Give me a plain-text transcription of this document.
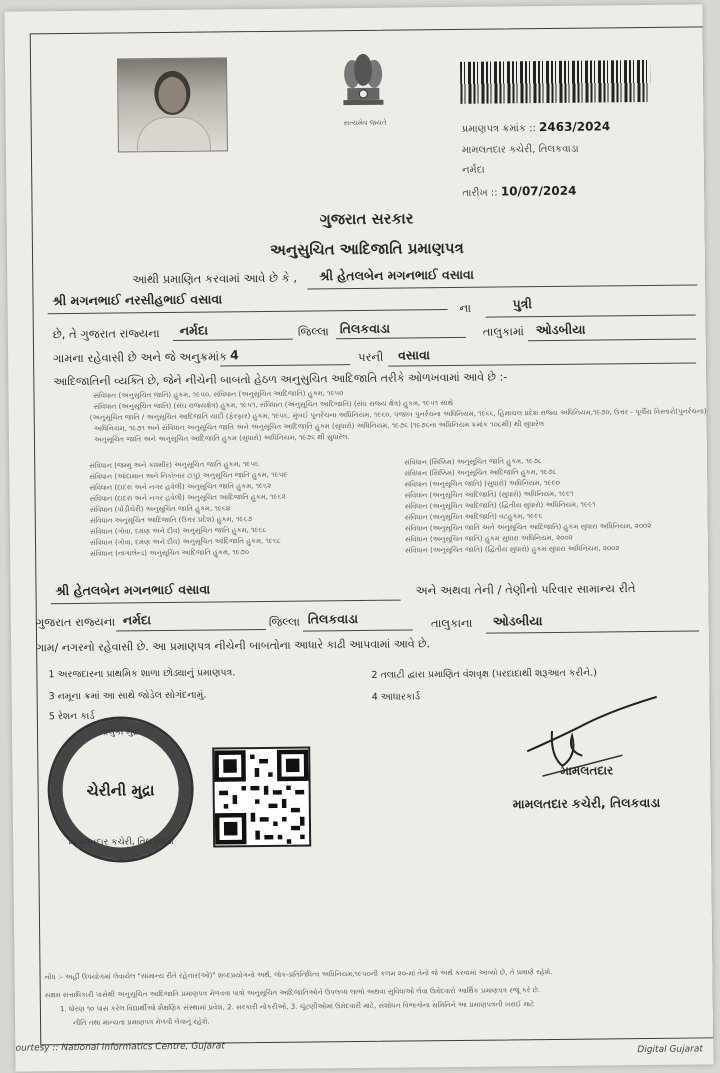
સત્યમેવ જયતે
પ્રમાણપત્ર ક્રમાંક :: 2463/2024
મામલતદાર કચેરી, તિલકવાડા
નર્મદા
તારીખ :: 10/07/2024
ગુજરાત સરકાર
અનુસુચિત આદિજાતિ પ્રમાણપત્ર
આથી પ્રમાણિત કરવામાં આવે છે કે , શ્રી હેતલબેન મગનભાઈ વસાવા
શ્રી મગનભાઈ નરસીહભાઈ વસાવા	ના	પુત્રી
છે, તે ગુજરાત રાજ્યના નર્મદા	જિલ્લા તિલકવાડા	તાલુકામાં ઓડબીયા
ગામના રહેવાસી છે અને જે અનુક્રમાંક 4	પરની વસાવા
આદિજાતિની વ્યક્તિ છે, જેને નીચેની બાબતો હેઠળ અનુસુચિત આદિજાતિ તરીકે ઓળખવામાં આવે છે :-
સંવિધાન (અનુસૂચિત જાતિ) હુકમ, ૧૯૫૦, સંવિધાન (અનુસૂચિત આદિજાતિ) હુકમ, ૧૯૫૦
સંવિધાન (અનુસૂચિત જાતિ) (સંઘ રાજ્યક્ષેત્ર) હુકમ, ૧૯૫૧, સંવિધાન (અનુસૂચિત આદિજાતિ) (સંઘ રાજ્ય ક્ષેત્ર) હુકમ, ૧૯૫૧ સાથે
(અનુસૂચિત જાતિ / અનુસૂચિત આદિજાતિ યાદી (ફેરફાર) હુકમ, ૧૯૫૬, મુંબઈ પુનર્રચના અધિનિયમ, ૧૯૬૦, પંજાબ પુનર્રચના અધિનિયમ, ૧૯૬૬, હિમાચલ પ્રદેશ રાજ્ય અધિનિયમ,૧૯૭૦, ઉત્તર - પૂર્વીય વિસ્તારો(પુનર્રચના)
અધિનિયમ, ૧૯૭૧ અને સંવિધાન અનુસૂચિત જાતિ અને અનુસૂચિત આદિજાતિ હુકમ (સુધારો) અધિનિયમ, ૧૯૭૬ (૧૯૭૬ના અધિનિયમ ક્રમાંક ૧૦૮થી) થી સુધારેલ
અનુસૂચિત જાતિ અને અનુસૂચિત આદિજાતિ હુકમ (સુધારો) અધિનિયમ, ૧૯૭૬ થી સુધારેલ.
સંવિધાન (જમ્મુ અને કાશ્મીર) અનુસૂચિત જાતિ હુકમ, ૧૯૫૬
સંવિધાન (આંદામાન અને નિકોબાર ટાપુ) અનુસૂચિત જાતિ હુકમ, ૧૯૫૯
સંવિધાન (દાદરા અને નગર હવેલી) અનુસૂચિત જાતિ હુકમ, ૧૯૬૨
સંવિધાન (દાદરા અને નગર હવેલી) અનુસૂચિત આદિજાતિ હુકમ, ૧૯૬૨
સંવિધાન (પોંડીચેરી) અનુસૂચિત જાતિ હુકમ, ૧૯૬૪
સંવિધાન અનુસૂચિત આદિજાતિ (ઉત્તર પ્રદેશ) હુકમ, ૧૯૬૭
સંવિધાન (ગોવા, દમણ અને દીવ) અનુસૂચિત જાતિ હુકમ, ૧૯૬૮
સંવિધાન (ગોવા, દમણ અને દીવ) અનુસૂચિત આદિજાતિ હુકમ, ૧૯૬૮
સંવિધાન (નાગાલેન્ડ) અનુસૂચિત આદિજાતિ હુકમ, ૧૯૭૦
સંવિધાન (સિક્કિમ) અનુસૂચિત જાતિ હુકમ, ૧૯૭૮
સંવિધાન (સિક્કિમ) અનુસૂચિત આદિજાતિ હુકમ, ૧૯૭૮
સંવિધાન (અનુસૂચિત જાતિ) (સુધારો) અધિનિયમ, ૧૯૯૦
સંવિધાન (અનુસૂચિત આદિજાતિ) (સુધારો) અધિનિયમ, ૧૯૯૧
સંવિધાન (અનુસૂચિત આદિજાતિ) (દ્વિતીય સુધારો) અધિનિયમ, ૧૯૯૧
સંવિધાન (અનુસૂચિત આદિજાતિ) વટહુકમ, ૧૯૯૬
સંવિધાન (અનુસૂચિત જાતિ અને અનુસૂચિત આદિજાતિ) હુકમ સુધારા અધિનિયમ, ૨૦૦૨
સંવિધાન (અનુસૂચિત જાતિ) હુકમ સુધારા અધિનિયમ, ૨૦૦૨
સંવિધાન (અનુસૂચિત જાતિ) (દ્વિતીય સુધારો) હુકમ સુધારા અધિનિયમ, ૨૦૦૨
શ્રી હેતલબેન મગનભાઈ વસાવા	અને અથવા તેની / તેણીનો પરિવાર સામાન્ય રીતે
ગુજરાત રાજ્યના નર્મદા	જિલ્લા તિલકવાડા	તાલુકાના ઓડબીયા
ગામ/ નગરનો રહેવાસી છે. આ પ્રમાણપત્ર નીચેની બાબતોના આધારે કાઢી આપવામાં આવે છે.
1 અરજદારના પ્રાથમિક શાળા છોડ્યાનું પ્રમાણપત્ર.	2 તલાટી દ્વારા પ્રમાણિત વંશવૃક્ષ (પરદાદાથી શરૂઆત કરીને.)
3 નમૂના ક્રમાં આ સાથે જોડેલ સોગંદનામું.	4 આધારકાર્ડ
5 રેશન કાર્ડ
તાલુકા મુદ્રા
ચેરીની મુદ્રા
મામલતદાર કચેરી, તિલકવાડા
મામલતદાર
મામલતદાર કચેરી, તિલકવાડા
નોંધ :- અહીં ઉપયોગમાં લેવાયેલ "સામાન્ય રીતે રહેનાર(ઓ)" શબ્દપ્રયોગનો અર્થ, લોક-પ્રતિનિધિત્વ અધિનિયમ,૧૯૫૦ની કલમ ૨૦-માં તેનો જે અર્થ કરવામાં આવ્યો છે, તે પ્રમાણે રહેશે.
સક્ષમ સત્તાધિકારી પાસેથી અનુસૂચિત આદિજાતિ પ્રમાણપત્ર મેળવવા પાત્રો અનુસૂચિત આદિજાતિઓને ઉપલબ્ધ લાભો અથવા સુવિધાઓ લેવા ઉમેદવારો આર્થિક પ્રમાણપત્ર રજૂ કરે છે.
1. ધોરણ ૧૦ પાસ કરેલ વિદ્યાર્થીઓ શૈક્ષણિક સંસ્થામાં પ્રવેશ, 2. સરકારી નોકરીઓ, 3. ચૂંટણીઓમાં ઉમેદવારી માટે, સંશોધન વિભાગોના સમિતિને આ પ્રમાણપત્રની ખરાઈ માટે
નીતિ તથા માન્યતા પ્રમાણપત્ર મેળવી લેવાનું રહેશે.
Courtesy :: National Informatics Centre, Gujarat	Digital Gujarat
